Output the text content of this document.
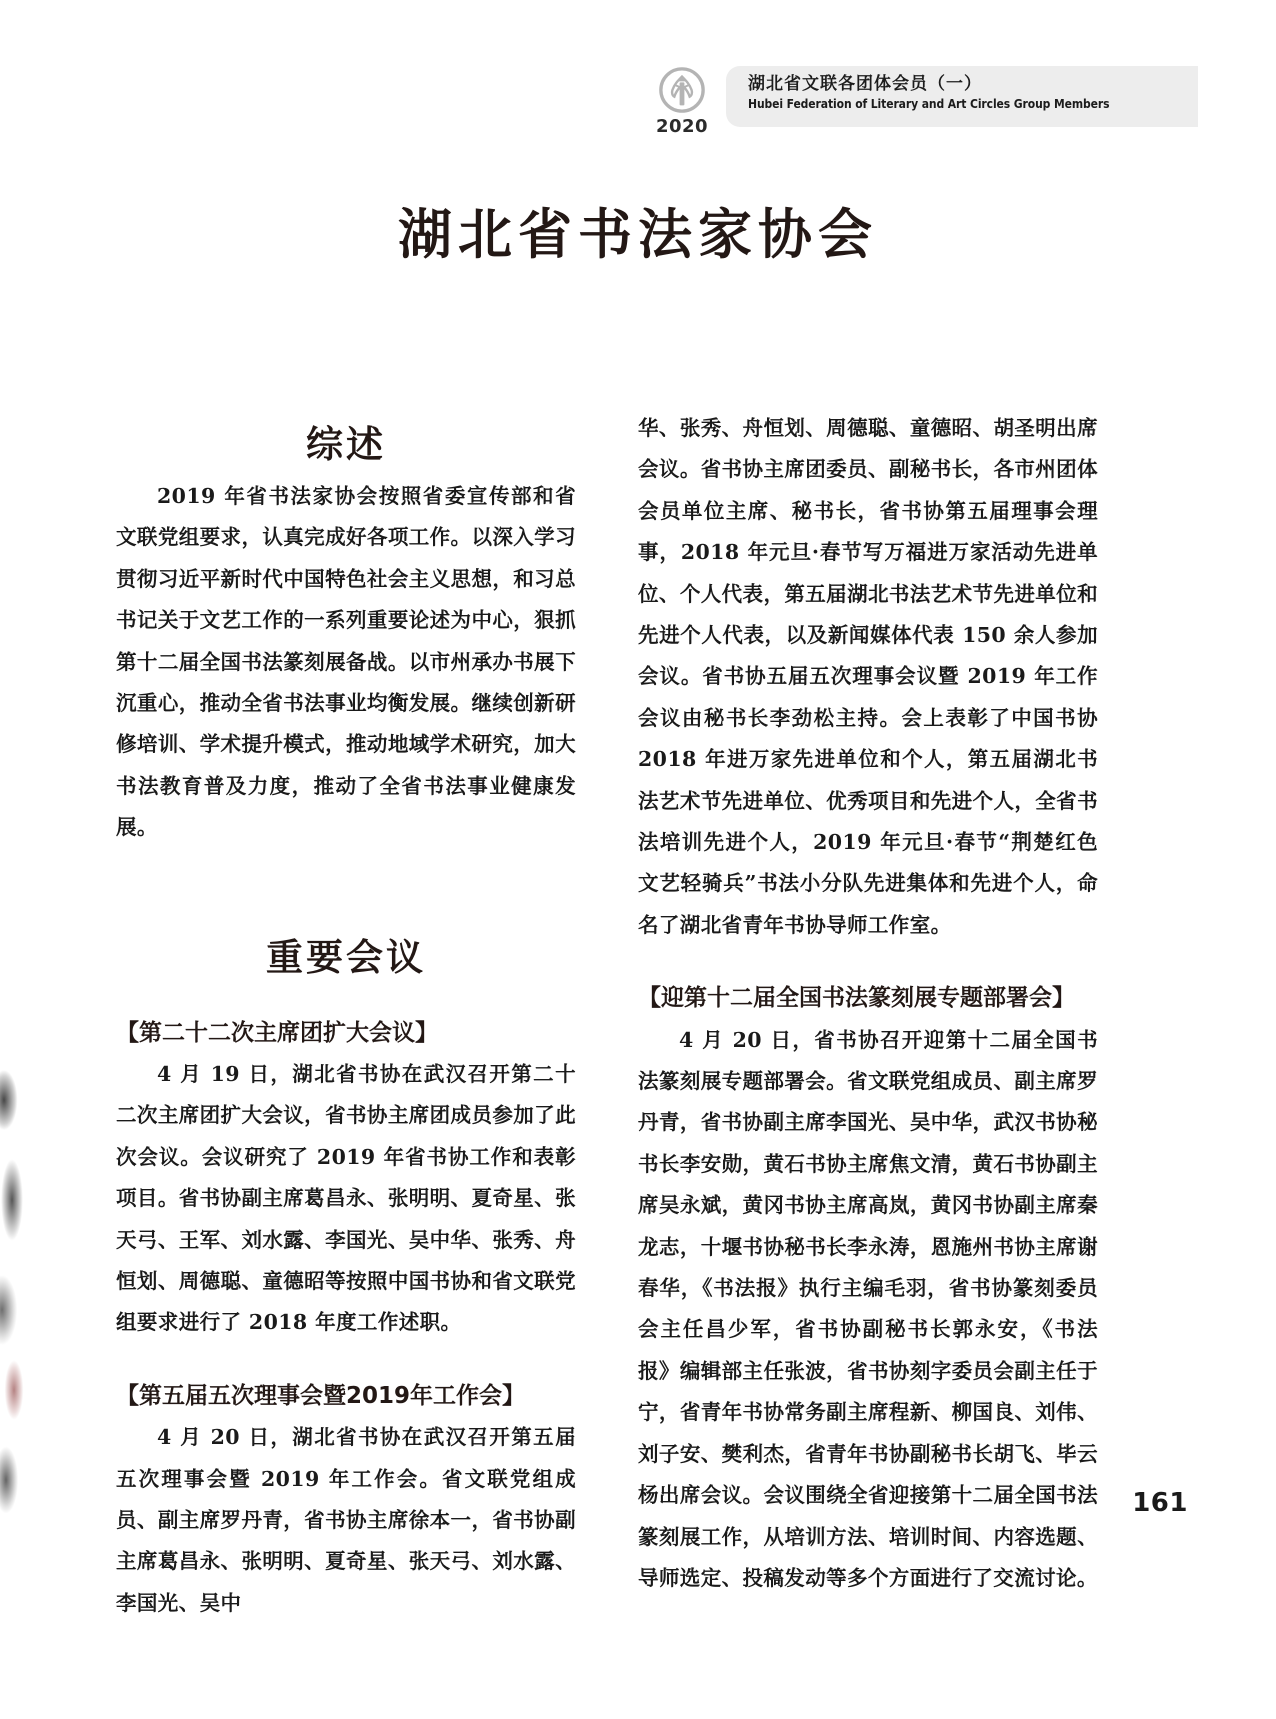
2020
湖北省文联各团体会员（一）
Hubei Federation of Literary and Art Circles Group Members
湖北省书法家协会
综述

2019 年省书法家协会按照省委宣传部和省文联党组要求，认真完成好各项工作。以深入学习贯彻习近平新时代中国特色社会主义思想，和习总书记关于文艺工作的一系列重要论述为中心，狠抓第十二届全国书法篆刻展备战。以市州承办书展下沉重心，推动全省书法事业均衡发展。继续创新研修培训、学术提升模式，推动地域学术研究，加大书法教育普及力度，推动了全省书法事业健康发展。

重要会议
【第二十二次主席团扩大会议】

4 月 19 日，湖北省书协在武汉召开第二十二次主席团扩大会议，省书协主席团成员参加了此次会议。会议研究了 2019 年省书协工作和表彰项目。省书协副主席葛昌永、张明明、夏奇星、张天弓、王军、刘水露、李国光、吴中华、张秀、舟恒划、周德聪、童德昭等按照中国书协和省文联党组要求进行了 2018 年度工作述职。

【第五届五次理事会暨2019年工作会】

4 月 20 日，湖北省书协在武汉召开第五届五次理事会暨 2019 年工作会。省文联党组成员、副主席罗丹青，省书协主席徐本一，省书协副主席葛昌永、张明明、夏奇星、张天弓、刘水露、李国光、吴中

华、张秀、舟恒划、周德聪、童德昭、胡圣明出席会议。省书协主席团委员、副秘书长，各市州团体会员单位主席、秘书长，省书协第五届理事会理事，2018 年元旦·春节写万福进万家活动先进单位、个人代表，第五届湖北书法艺术节先进单位和先进个人代表，以及新闻媒体代表 150 余人参加会议。省书协五届五次理事会议暨 2019 年工作会议由秘书长李劲松主持。会上表彰了中国书协 2018 年进万家先进单位和个人，第五届湖北书法艺术节先进单位、优秀项目和先进个人，全省书法培训先进个人，2019 年元旦·春节“荆楚红色文艺轻骑兵”书法小分队先进集体和先进个人，命名了湖北省青年书协导师工作室。

【迎第十二届全国书法篆刻展专题部署会】

4 月 20 日，省书协召开迎第十二届全国书法篆刻展专题部署会。省文联党组成员、副主席罗丹青，省书协副主席李国光、吴中华，武汉书协秘书长李安勋，黄石书协主席焦文清，黄石书协副主席吴永斌，黄冈书协主席高岚，黄冈书协副主席秦龙志，十堰书协秘书长李永涛，恩施州书协主席谢春华，《书法报》执行主编毛羽，省书协篆刻委员会主任昌少军，省书协副秘书长郭永安，《书法报》编辑部主任张波，省书协刻字委员会副主任于宁，省青年书协常务副主席程新、柳国良、刘伟、刘子安、樊利杰，省青年书协副秘书长胡飞、毕云杨出席会议。会议围绕全省迎接第十二届全国书法篆刻展工作，从培训方法、培训时间、内容选题、导师选定、投稿发动等多个方面进行了交流讨论。

161
